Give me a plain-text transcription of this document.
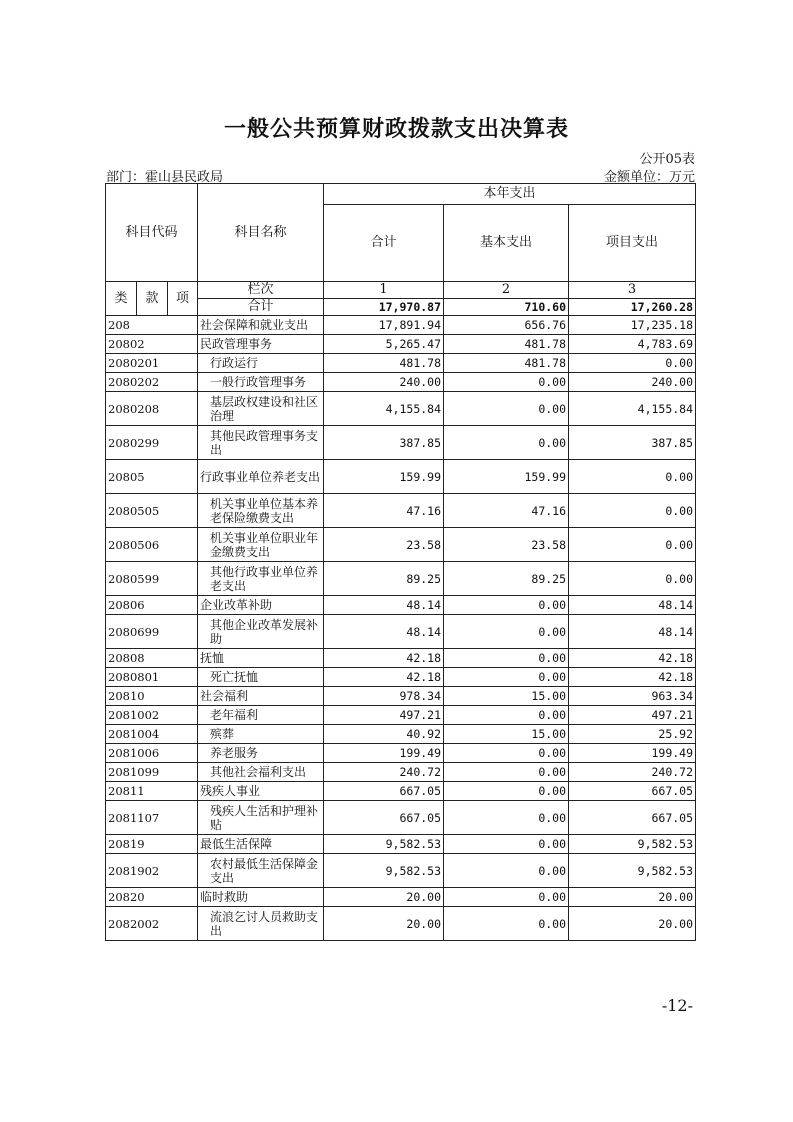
一般公共预算财政拨款支出决算表
公开05表
部门：霍山县民政局	金额单位：万元
科目代码			科目名称	本年支出		
				合计	基本支出	项目支出
类	款	项	栏次	1	2	3
			合计	17,970.87	710.60	17,260.28
208			社会保障和就业支出	17,891.94	656.76	17,235.18
20802			民政管理事务	5,265.47	481.78	4,783.69
2080201			行政运行	481.78	481.78	0.00
2080202			一般行政管理事务	240.00	0.00	240.00
2080208			基层政权建设和社区治理	4,155.84	0.00	4,155.84
2080299			其他民政管理事务支出	387.85	0.00	387.85
20805			行政事业单位养老支出	159.99	159.99	0.00
2080505			机关事业单位基本养老保险缴费支出	47.16	47.16	0.00
2080506			机关事业单位职业年金缴费支出	23.58	23.58	0.00
2080599			其他行政事业单位养老支出	89.25	89.25	0.00
20806			企业改革补助	48.14	0.00	48.14
2080699			其他企业改革发展补助	48.14	0.00	48.14
20808			抚恤	42.18	0.00	42.18
2080801			死亡抚恤	42.18	0.00	42.18
20810			社会福利	978.34	15.00	963.34
2081002			老年福利	497.21	0.00	497.21
2081004			殡葬	40.92	15.00	25.92
2081006			养老服务	199.49	0.00	199.49
2081099			其他社会福利支出	240.72	0.00	240.72
20811			残疾人事业	667.05	0.00	667.05
2081107			残疾人生活和护理补贴	667.05	0.00	667.05
20819			最低生活保障	9,582.53	0.00	9,582.53
2081902			农村最低生活保障金支出	9,582.53	0.00	9,582.53
20820			临时救助	20.00	0.00	20.00
2082002			流浪乞讨人员救助支出	20.00	0.00	20.00
-12-
